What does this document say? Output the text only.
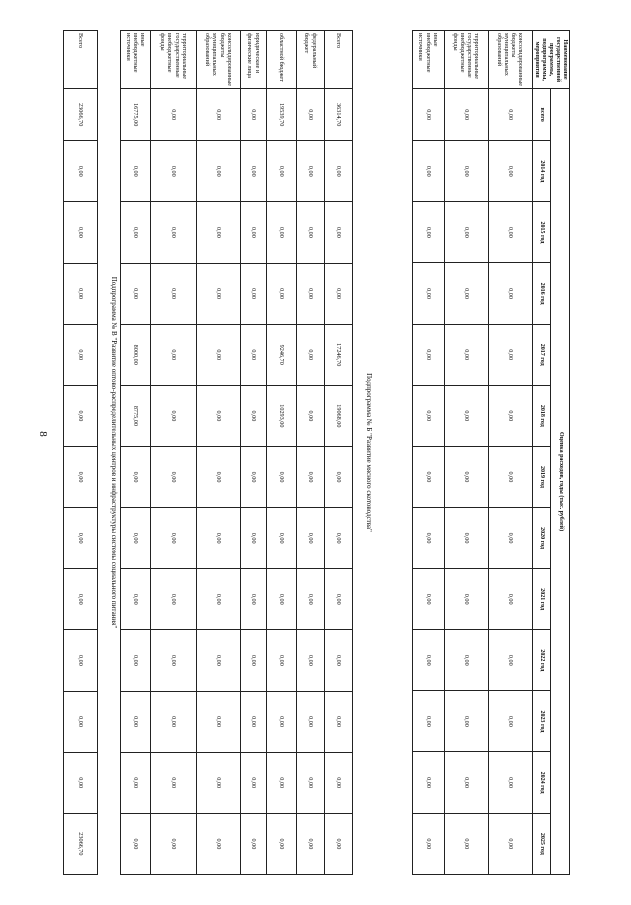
8
Наименование государственной программы, подпрограммы, мероприятия	Оценка расходов, годы (тыс. рублей)												
	всего	2014 год	2015 год	2016 год	2017 год	2018 год	2019 год	2020 год	2021 год	2022 год	2023 год	2024 год	2025 год
консолидированные бюджеты муниципальных образований	0,00	0,00	0,00	0,00	0,00	0,00	0,00	0,00	0,00	0,00	0,00	0,00	0,00
территориальные государственные внебюджетные фонды	0,00	0,00	0,00	0,00	0,00	0,00	0,00	0,00	0,00	0,00	0,00	0,00	0,00
иные внебюджетные источники	0,00	0,00	0,00	0,00	0,00	0,00	0,00	0,00	0,00	0,00	0,00	0,00	0,00
Подпрограмма № Б "Развитие мясного скотоводства"
Всего	36314,70	0,00	0,00	0,00	17246,70	19068,00	0,00	0,00	0,00	0,00	0,00	0,00	0,00
федеральный бюджет	0,00	0,00	0,00	0,00	0,00	0,00	0,00	0,00	0,00	0,00	0,00	0,00	0,00
областной бюджет	19539,70	0,00	0,00	0,00	9246,70	10293,00	0,00	0,00	0,00	0,00	0,00	0,00	0,00
юридические и физические лица	0,00	0,00	0,00	0,00	0,00	0,00	0,00	0,00	0,00	0,00	0,00	0,00	0,00
консолидированные бюджеты муниципальных образований	0,00	0,00	0,00	0,00	0,00	0,00	0,00	0,00	0,00	0,00	0,00	0,00	0,00
территориальные государственные внебюджетные фонды	0,00	0,00	0,00	0,00	0,00	0,00	0,00	0,00	0,00	0,00	0,00	0,00	0,00
иные внебюджетные источники	16775,00	0,00	0,00	0,00	8000,00	8775,00	0,00	0,00	0,00	0,00	0,00	0,00	0,00
Подпрограмма № В "Развитие оптово-распределительных центров и инфраструктуры системы социального питания"
Всего	23066,70	0,00	0,00	0,00	0,00	0,00	0,00	0,00	0,00	0,00	0,00	0,00	23066,70
